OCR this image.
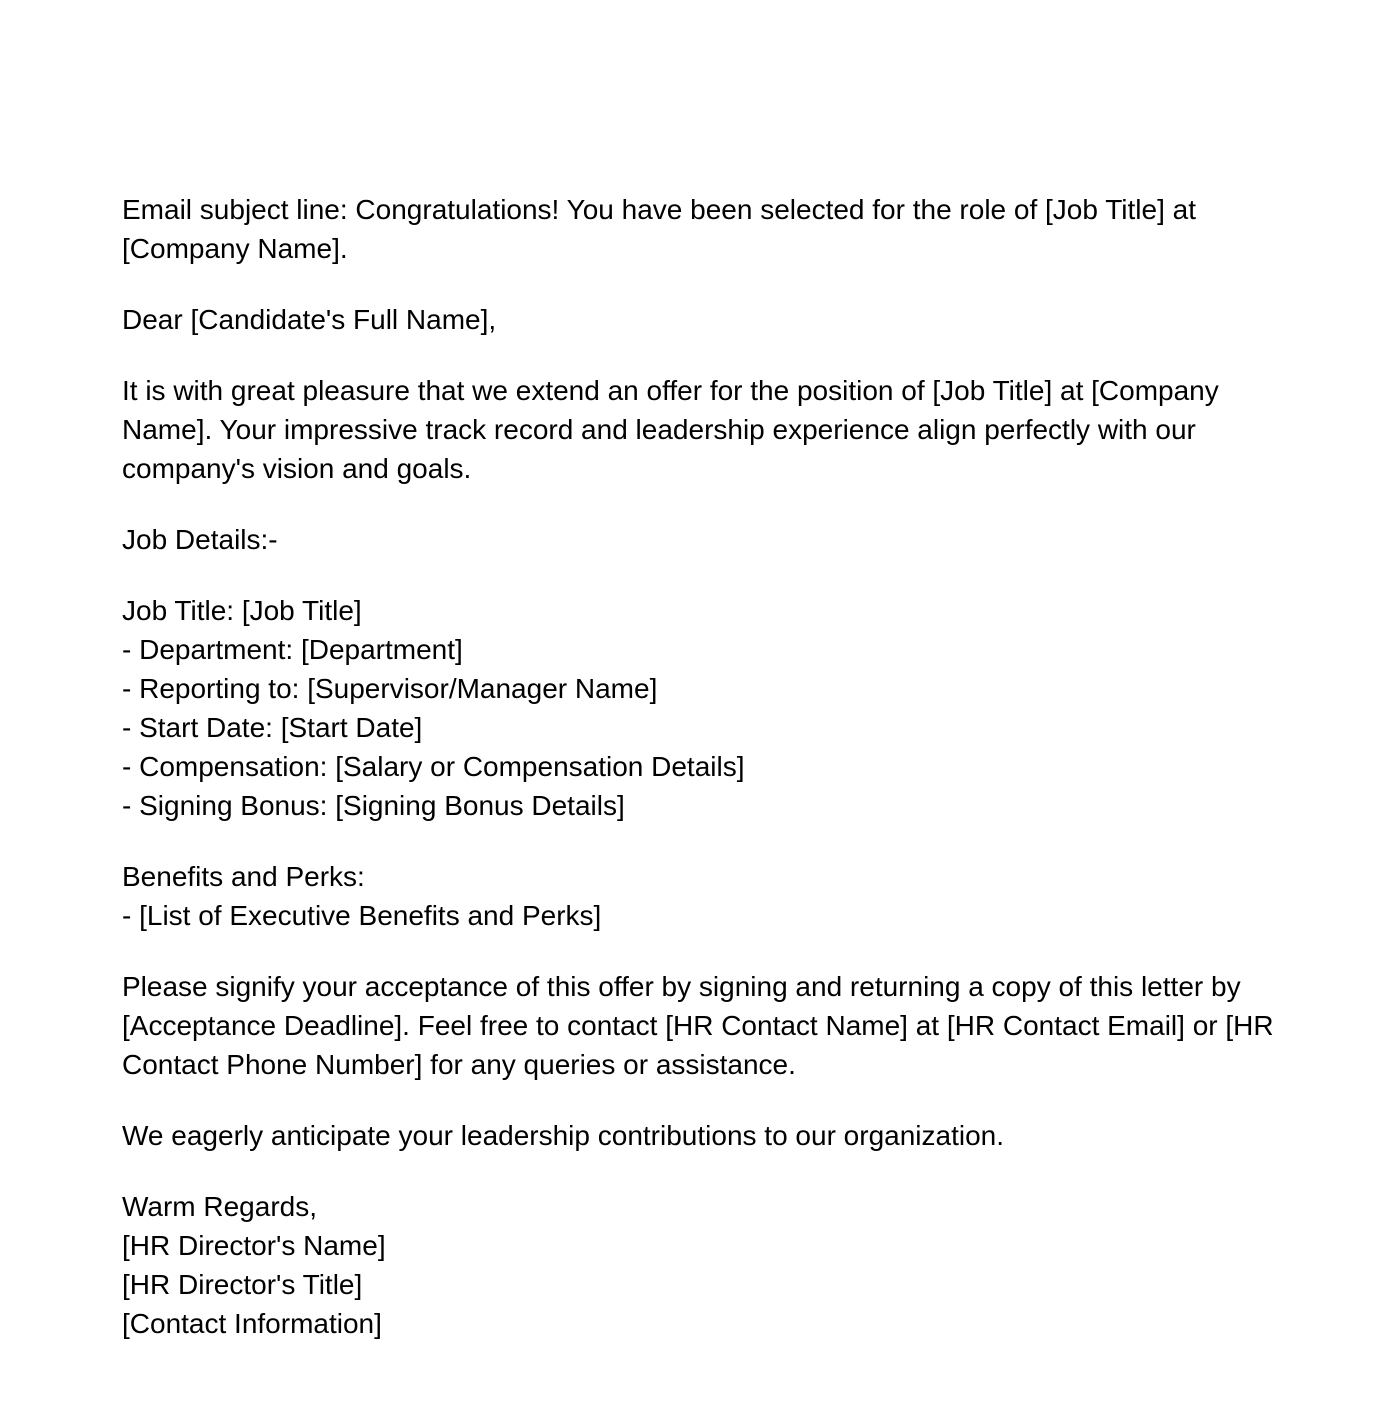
Email subject line: Congratulations! You have been selected for the role of [Job Title] at
[Company Name].

Dear [Candidate's Full Name],

It is with great pleasure that we extend an offer for the position of [Job Title] at [Company
Name]. Your impressive track record and leadership experience align perfectly with our
company's vision and goals.

Job Details:-

Job Title: [Job Title]
- Department: [Department]
- Reporting to: [Supervisor/Manager Name]
- Start Date: [Start Date]
- Compensation: [Salary or Compensation Details]
- Signing Bonus: [Signing Bonus Details]

Benefits and Perks:
- [List of Executive Benefits and Perks]

Please signify your acceptance of this offer by signing and returning a copy of this letter by
[Acceptance Deadline]. Feel free to contact [HR Contact Name] at [HR Contact Email] or [HR
Contact Phone Number] for any queries or assistance.

We eagerly anticipate your leadership contributions to our organization.

Warm Regards,
[HR Director's Name]
[HR Director's Title]
[Contact Information]
